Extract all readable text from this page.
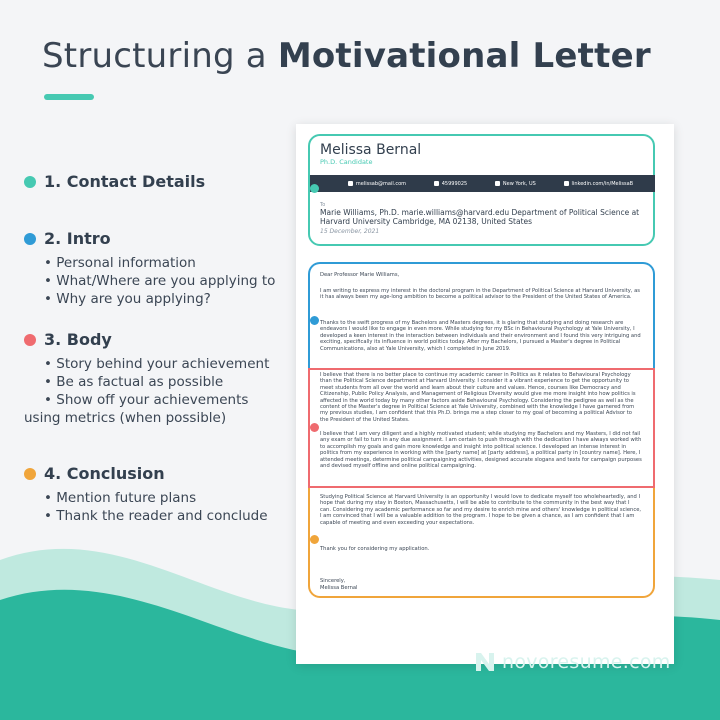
Structuring a Motivational Letter
1. Contact Details
2. Intro
• Personal information
• What/Where are you applying to
• Why are you applying?
3. Body
• Story behind your achievement
• Be as factual as possible
• Show off your achievements
using metrics (when possible)
4. Conclusion
• Mention future plans
• Thank the reader and conclude
Melissa Bernal
Ph.D. Candidate
melissab@mail.com	45999025	New York, US	linkedin.com/in/MelissaB
To
Marie Williams, Ph.D. marie.williams@harvard.edu Department of Political Science at Harvard University Cambridge, MA 02138, United States
15 December, 2021
Dear Professor Marie Williams,
I am writing to express my interest in the doctoral program in the Department of Political Science at Harvard University, as it has always been my age-long ambition to become a political advisor to the President of the United States of America.
Thanks to the swift progress of my Bachelors and Masters degrees, it is glaring that studying and doing research are endeavors I would like to engage in even more. While studying for my BSc in Behavioural Psychology at Yale University, I developed a keen interest in the interaction between individuals and their environment and I found this very intriguing and exciting, specifically its influence in world politics today. After my Bachelors, I pursued a Master's degree in Political Communications, also at Yale University, which I completed in June 2019.
I believe that there is no better place to continue my academic career in Politics as it relates to Behavioural Psychology than the Political Science department at Harvard University. I consider it a vibrant experience to get the opportunity to meet students from all over the world and learn about their culture and values. Hence, courses like Democracy and Citizenship, Public Policy Analysis, and Management of Religious Diversity would give me more insight into how politics is affected in the world today by many other factors aside Behavioural Psychology. Considering the pedigree as well as the content of the Master's degree in Political Science at Yale University, combined with the knowledge I have garnered from my previous studies, I am confident that this Ph.D. brings me a step closer to my goal of becoming a political Advisor to the President of the United States.
I believe that I am very diligent and a highly motivated student; while studying my Bachelors and my Masters, I did not fail any exam or fail to turn in any due assignment. I am certain to push through with the dedication I have always worked with to accomplish my goals and gain more knowledge and insight into political science. I developed an intense interest in politics from my experience in working with the [party name] at [party address], a political party in [country name]. Here, I attended meetings, determine political campaigning activities, designed accurate slogans and texts for campaign purposes and devised myself offline and online political campaigning.
Studying Political Science at Harvard University is an opportunity I would love to dedicate myself too wholeheartedly, and I hope that during my stay in Boston, Massachusetts, I will be able to contribute to the community in the best way that I can. Considering my academic performance so far and my desire to enrich mine and others' knowledge in political science, I am convinced that I will be a valuable addition to the program. I hope to be given a chance, as I am confident that I am capable of meeting and even exceeding your expectations.
Thank you for considering my application.
Sincerely,
Melissa Bernal
novoresume.com
